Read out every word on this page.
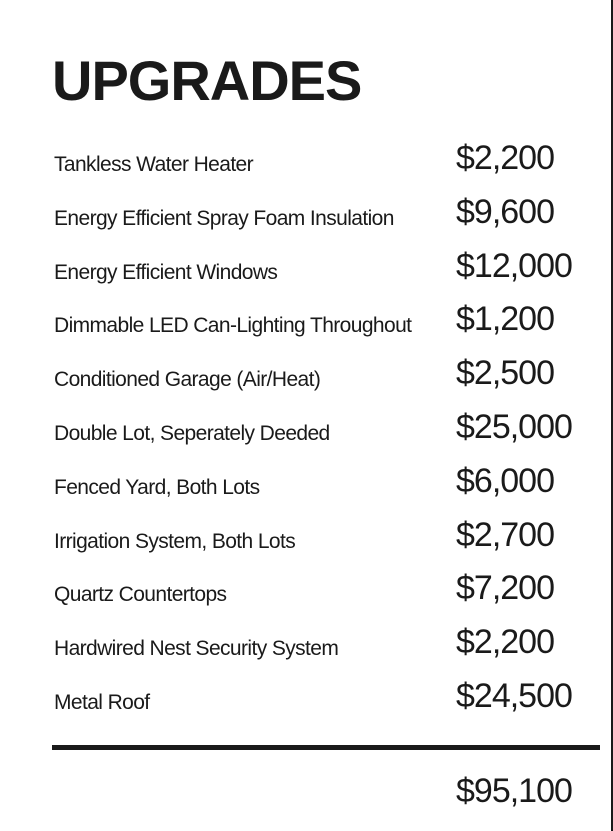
UPGRADES
Tankless Water Heater	$2,200
Energy Efficient Spray Foam Insulation $9,600
Energy Efficient Windows	$12,000
Dimmable LED Can-Lighting Throughout $1,200
Conditioned Garage (Air/Heat)	$2,500
Double Lot, Seperately Deeded	$25,000
Fenced Yard, Both Lots	$6,000
Irrigation System, Both Lots	$2,700
Quartz Countertops	$7,200
Hardwired Nest Security System	$2,200
Metal Roof	$24,500
$95,100
